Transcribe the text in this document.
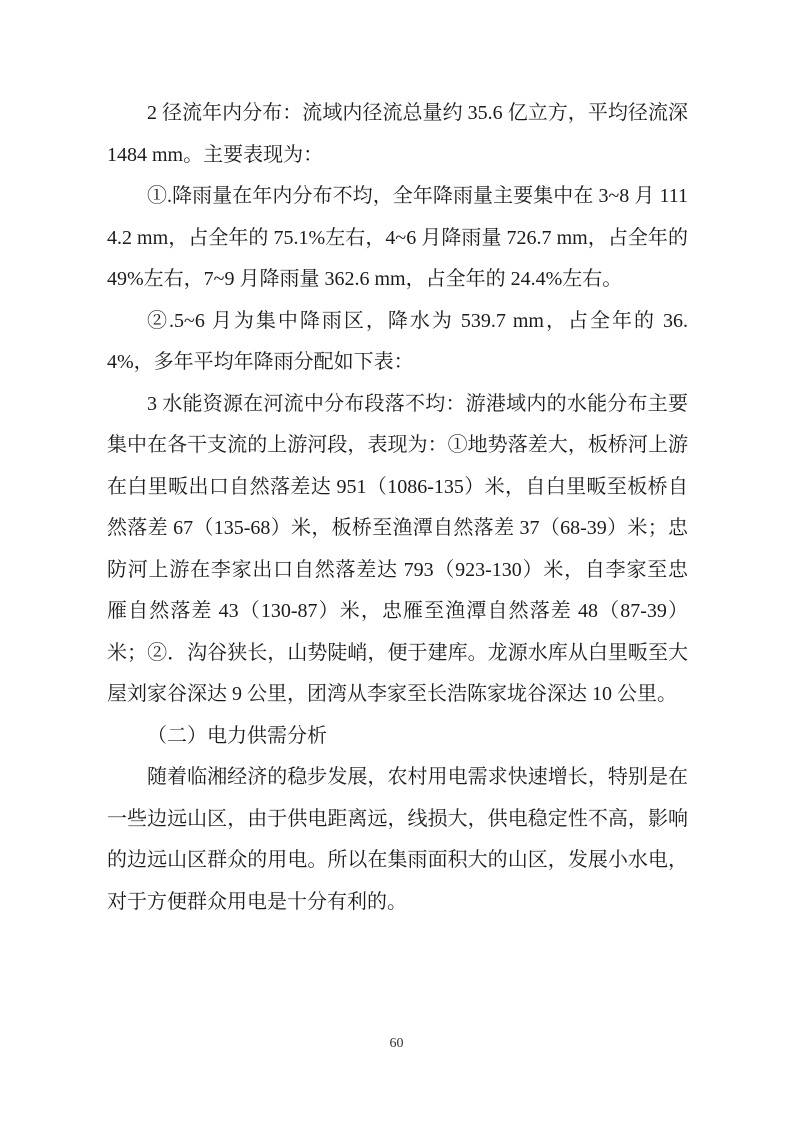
2 径流年内分布：流域内径流总量约 35.6 亿立方，平均径流深 1484 mm。主要表现为：

①.降雨量在年内分布不均，全年降雨量主要集中在 3~8 月 1114.2 mm，占全年的 75.1%左右，4~6 月降雨量 726.7 mm，占全年的 49%左右，7~9 月降雨量 362.6 mm，占全年的 24.4%左右。

②.5~6 月为集中降雨区，降水为 539.7 mm，占全年的 36.4%，多年平均年降雨分配如下表：

3 水能资源在河流中分布段落不均：游港域内的水能分布主要集中在各干支流的上游河段，表现为：①地势落差大，板桥河上游在白里畈出口自然落差达 951（1086-135）米，自白里畈至板桥自然落差 67（135-68）米，板桥至渔潭自然落差 37（68-39）米；忠防河上游在李家出口自然落差达 793（923-130）米，自李家至忠雁自然落差 43（130-87）米，忠雁至渔潭自然落差 48（87-39）米；②．沟谷狭长，山势陡峭，便于建库。龙源水库从白里畈至大屋刘家谷深达 9 公里，团湾从李家至长浩陈家垅谷深达 10 公里。

（二）电力供需分析

随着临湘经济的稳步发展，农村用电需求快速增长，特别是在一些边远山区，由于供电距离远，线损大，供电稳定性不高，影响的边远山区群众的用电。所以在集雨面积大的山区，发展小水电，对于方便群众用电是十分有利的。

60
